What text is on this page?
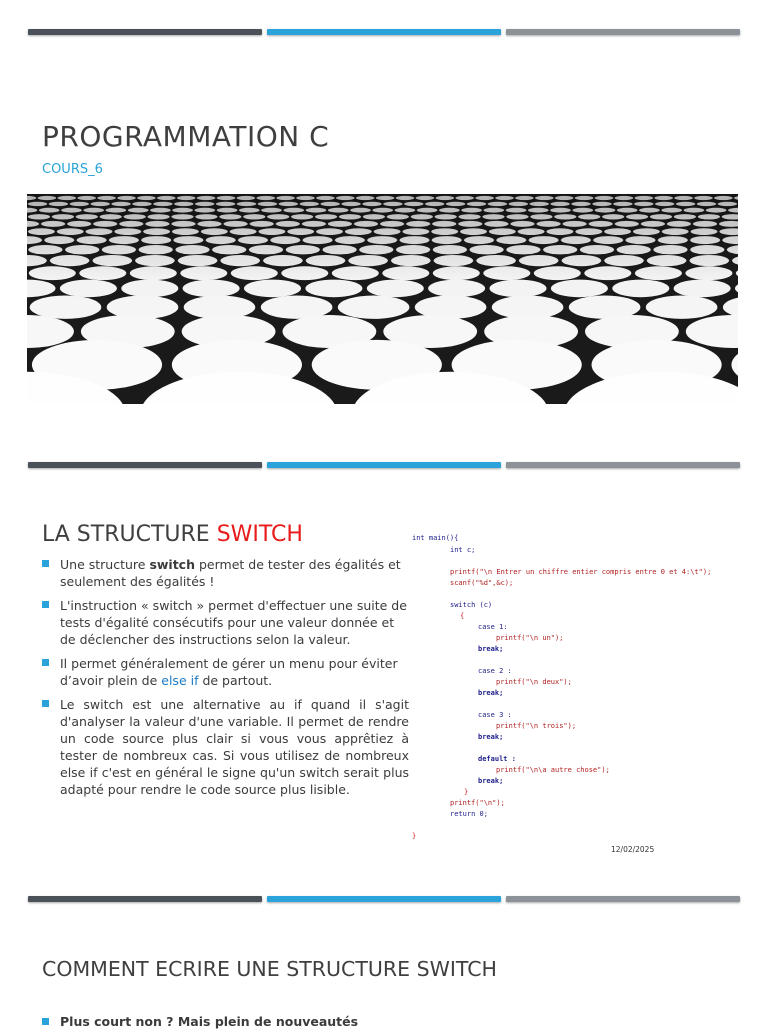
PROGRAMMATION C
COURS_6
LA STRUCTURE SWITCH
Une structure switch permet de tester des égalités et seulement des égalités !
L'instruction « switch » permet d'effectuer une suite de tests d'égalité consécutifs pour une valeur donnée et de déclencher des instructions selon la valeur.
Il permet généralement de gérer un menu pour éviter d’avoir plein de else if de partout.
Le switch est une alternative au if quand il s'agit d'analyser la valeur d'une variable. Il permet de rendre un code source plus clair si vous vous apprêtiez à tester de nombreux cas. Si vous utilisez de nombreux else if c'est en général le signe qu'un switch serait plus adapté pour rendre le code source plus lisible.
int main(){
int c;
printf("\n Entrer un chiffre entier compris entre 0 et 4:\t");
scanf("%d",&c);
switch (c)
{
case 1:
printf("\n un");
break;
case 2 :
printf("\n deux");
break;
case 3 :
printf("\n trois");
break;
default :
printf("\n\a autre chose");
break;
}
printf("\n");
return 0;
}
12/02/2025
COMMENT ECRIRE UNE STRUCTURE SWITCH
Plus court non ? Mais plein de nouveautés
